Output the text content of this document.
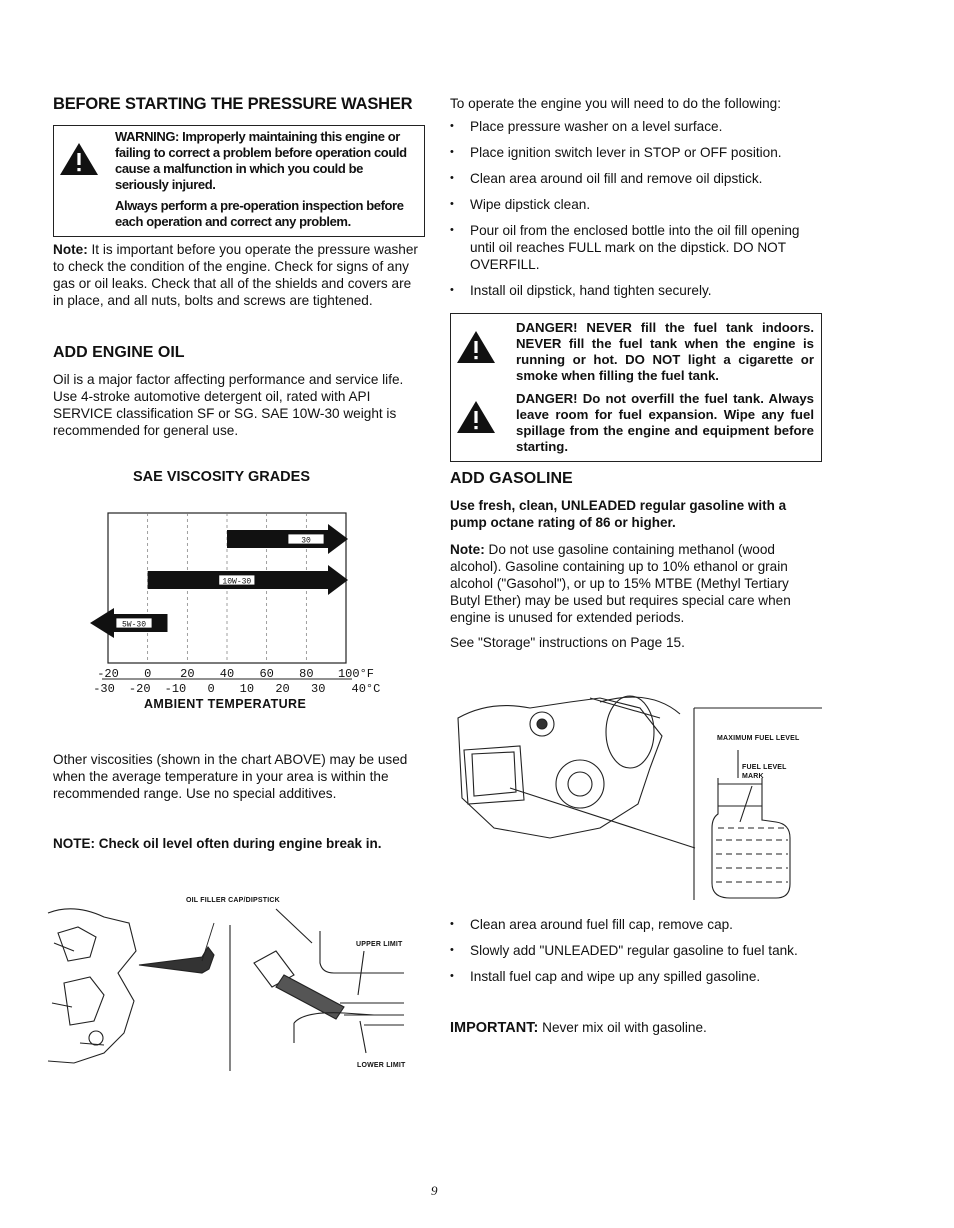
BEFORE STARTING THE PRESSURE WASHER

WARNING: Improperly maintaining this engine or failing to correct a problem before operation could cause a malfunction in which you could be seriously injured.

Always perform a pre-operation inspection before each operation and correct any problem.

Note: It is important before you operate the pressure washer to check the condition of the engine. Check for signs of any gas or oil leaks. Check that all of the shields and covers are in place, and all nuts, bolts and screws are tightened.

ADD ENGINE OIL

Oil is a major factor affecting performance and service life. Use 4-stroke automotive detergent oil, rated with API SERVICE classification SF or SG. SAE 10W-30 weight is recommended for general use.

SAE VISCOSITY GRADES
30
10W-30
5W-30
-20 0 20 40 60 80 100°F
-30 -20 -10 0 10 20 30 40°C
AMBIENT TEMPERATURE

Other viscosities (shown in the chart ABOVE) may be used when the average temperature in your area is within the recommended range. Use no special additives.

NOTE: Check oil level often during engine break in.

OIL FILLER CAP/DIPSTICK
UPPER LIMIT
LOWER LIMIT

To operate the engine you will need to do the following:

• Place pressure washer on a level surface.
• Place ignition switch lever in STOP or OFF position.
• Clean area around oil fill and remove oil dipstick.
• Wipe dipstick clean.
• Pour oil from the enclosed bottle into the oil fill opening until oil reaches FULL mark on the dipstick. DO NOT OVERFILL.
• Install oil dipstick, hand tighten securely.

DANGER! NEVER fill the fuel tank indoors. NEVER fill the fuel tank when the engine is running or hot. DO NOT light a cigarette or smoke when filling the fuel tank.

DANGER! Do not overfill the fuel tank. Always leave room for fuel expansion. Wipe any fuel spillage from the engine and equipment before starting.

ADD GASOLINE

Use fresh, clean, UNLEADED regular gasoline with a pump octane rating of 86 or higher.

Note: Do not use gasoline containing methanol (wood alcohol). Gasoline containing up to 10% ethanol or grain alcohol ("Gasohol"), or up to 15% MTBE (Methyl Tertiary Butyl Ether) may be used but requires special care when engine is unused for extended periods.

See "Storage" instructions on Page 15.

MAXIMUM FUEL LEVEL
FUEL LEVEL MARK
• Clean area around fuel fill cap, remove cap.
• Slowly add "UNLEADED" regular gasoline to fuel tank.
• Install fuel cap and wipe up any spilled gasoline.

IMPORTANT: Never mix oil with gasoline.

9
